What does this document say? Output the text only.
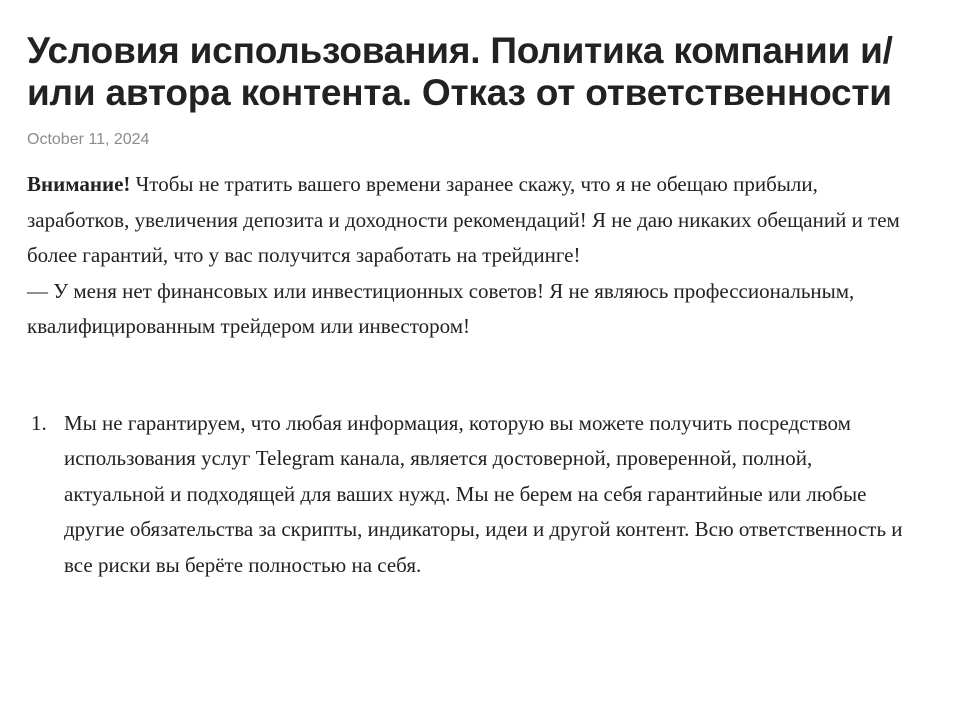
Условия использования. Политика компании и/или автора контента. Отказ от ответственности
October 11, 2024

Внимание! Чтобы не тратить вашего времени заранее скажу, что я не обещаю прибыли, заработков, увеличения депозита и доходности рекомендаций! Я не даю никаких обещаний и тем более гарантий, что у вас получится заработать на трейдинге!
— У меня нет финансовых или инвестиционных советов! Я не являюсь профессиональным, квалифицированным трейдером или инвестором!

1. Мы не гарантируем, что любая информация, которую вы можете получить посредством использования услуг Telegram канала, является достоверной, проверенной, полной, актуальной и подходящей для ваших нужд. Мы не берем на себя гарантийные или любые другие обязательства за скрипты, индикаторы, идеи и другой контент. Всю ответственность и все риски вы берёте полностью на себя.
